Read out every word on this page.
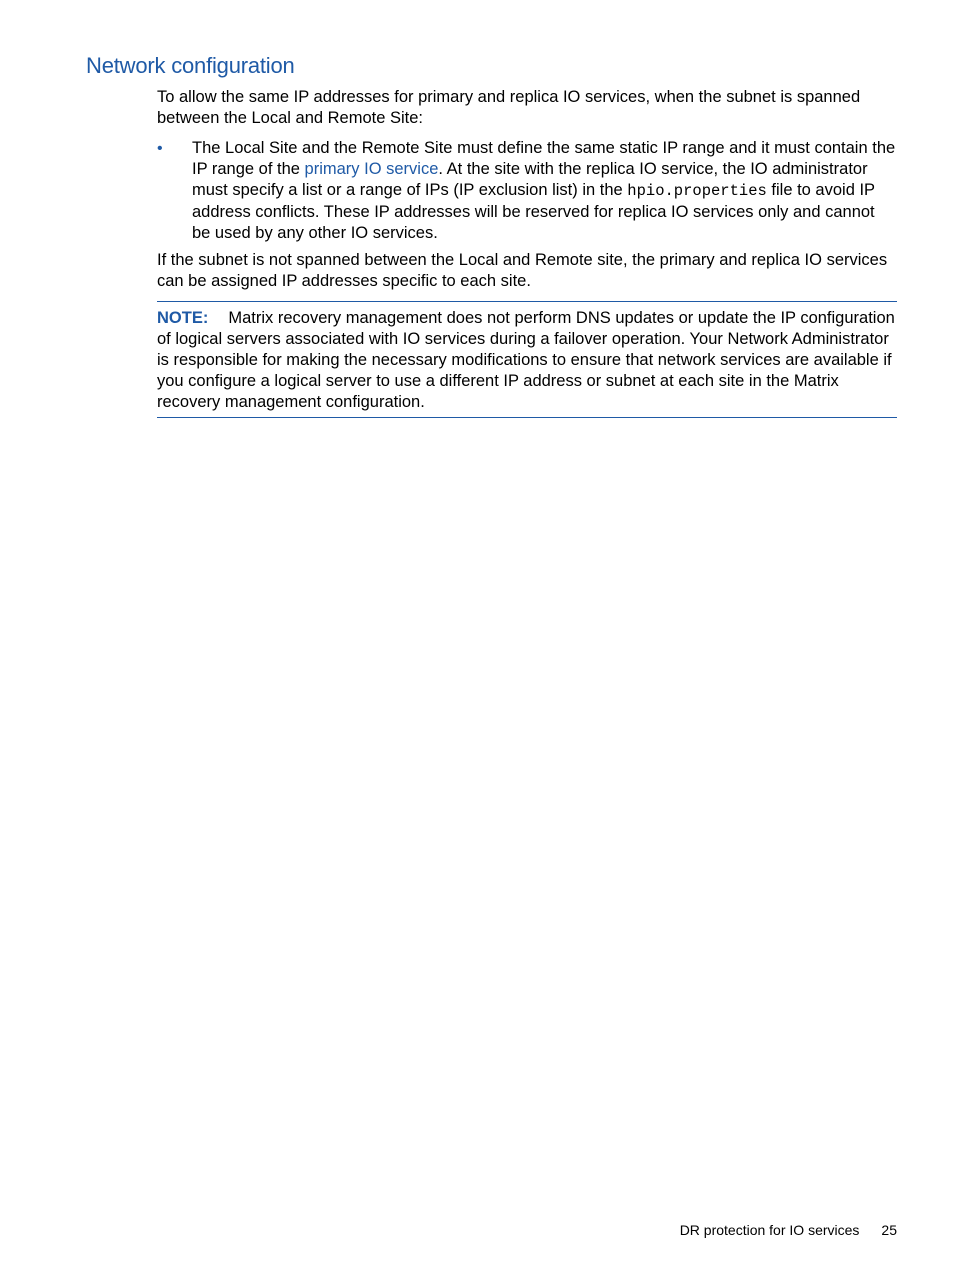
Network configuration

To allow the same IP addresses for primary and replica IO services, when the subnet is spanned between the Local and Remote Site:

• The Local Site and the Remote Site must define the same static IP range and it must contain the IP range of the primary IO service. At the site with the replica IO service, the IO administrator must specify a list or a range of IPs (IP exclusion list) in the hpio.properties file to avoid IP address conflicts. These IP addresses will be reserved for replica IO services only and cannot be used by any other IO services.

If the subnet is not spanned between the Local and Remote site, the primary and replica IO services can be assigned IP addresses specific to each site.

NOTE: Matrix recovery management does not perform DNS updates or update the IP configuration of logical servers associated with IO services during a failover operation. Your Network Administrator is responsible for making the necessary modifications to ensure that network services are available if you configure a logical server to use a different IP address or subnet at each site in the Matrix recovery management configuration.
DR protection for IO services 25
